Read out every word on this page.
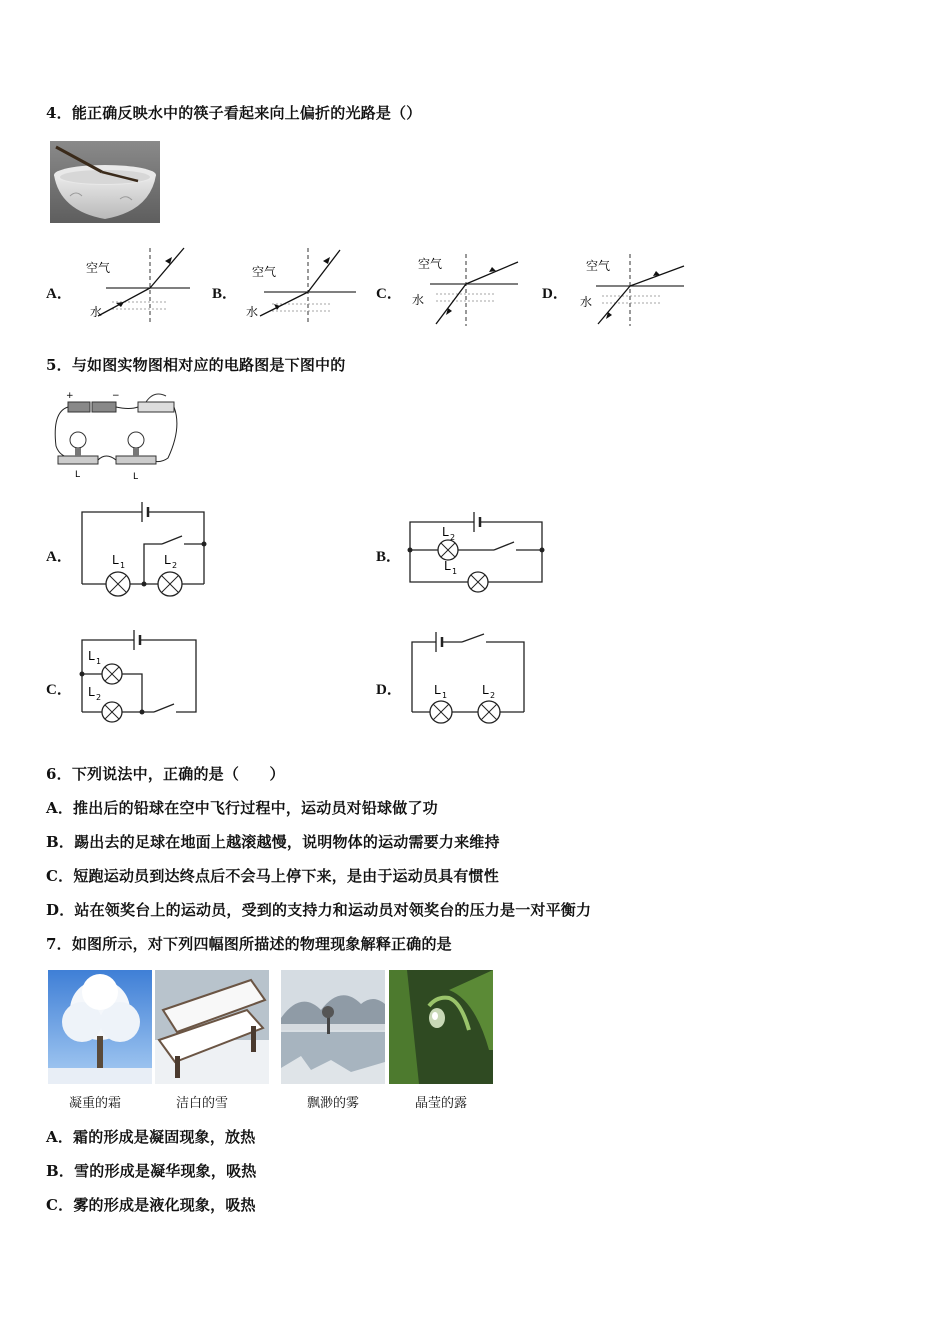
4．能正确反映水中的筷子看起来向上偏折的光路是（）
A．
空气
水
B．
空气
水
C．
空气
水	D．
空气
水
5．与如图实物图相对应的电路图是下图中的
+	−
L	L
A．	L 1	L 2
B．
L 2
L 1
C．
L 1
L 2	D．	L 1	L 2
6．下列说法中，正确的是（　　）
A．推出后的铅球在空中飞行过程中，运动员对铅球做了功
B．踢出去的足球在地面上越滚越慢，说明物体的运动需要力来维持
C．短跑运动员到达终点后不会马上停下来，是由于运动员具有惯性
D．站在领奖台上的运动员，受到的支持力和运动员对领奖台的压力是一对平衡力
7．如图所示，对下列四幅图所描述的物理现象解释正确的是
凝重的霜	洁白的雪	飘渺的雾	晶莹的露
A．霜的形成是凝固现象，放热
B．雪的形成是凝华现象，吸热
C．雾的形成是液化现象，吸热
